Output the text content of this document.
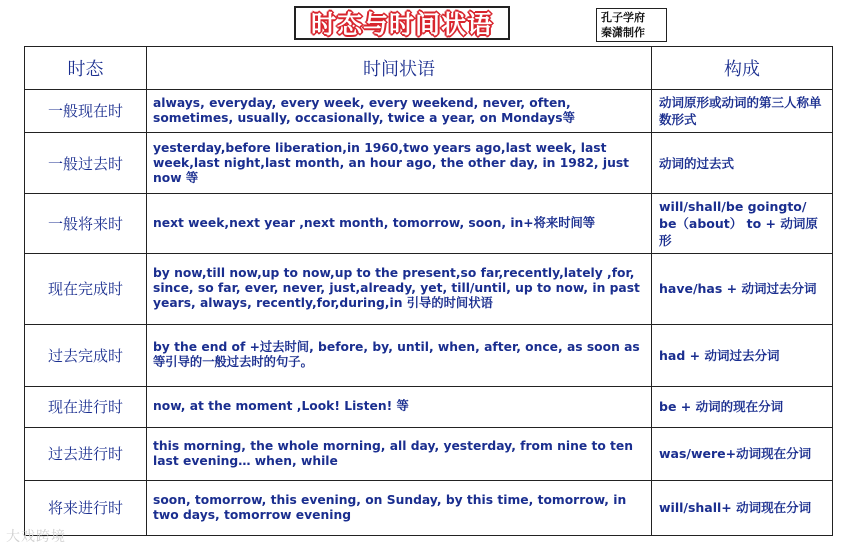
时态与时间状语	孔子学府
秦潇制作
时态	时间状语	构成
一般现在时	always, everyday, every week, every weekend, never, often, sometimes, usually, occasionally, twice a year, on Mondays等	动词原形或动词的第三人称单数形式
一般过去时	yesterday,before liberation,in 1960,two years ago,last week, last week,last night,last month, an hour ago, the other day, in 1982, just now 等	动词的过去式
一般将来时	next week,next year ,next month, tomorrow, soon, in+将来时间等	will/shall/be goingto/ be（about） to + 动词原形
现在完成时	by now,till now,up to now,up to the present,so far,recently,lately ,for, since, so far, ever, never, just,already, yet, till/until, up to now, in past years, always, recently,for,during,in 引导的时间状语	have/has + 动词过去分词
过去完成时	by the end of +过去时间, before, by, until, when, after, once, as soon as 等引导的一般过去时的句子。	had + 动词过去分词
现在进行时	now, at the moment ,Look! Listen! 等	be + 动词的现在分词
过去进行时	this morning, the whole morning, all day, yesterday, from nine to ten last evening… when, while	was/were+动词现在分词
将来进行时	soon, tomorrow, this evening, on Sunday, by this time, tomorrow, in two days, tomorrow evening	will/shall+ 动词现在分词
大戏跨境
